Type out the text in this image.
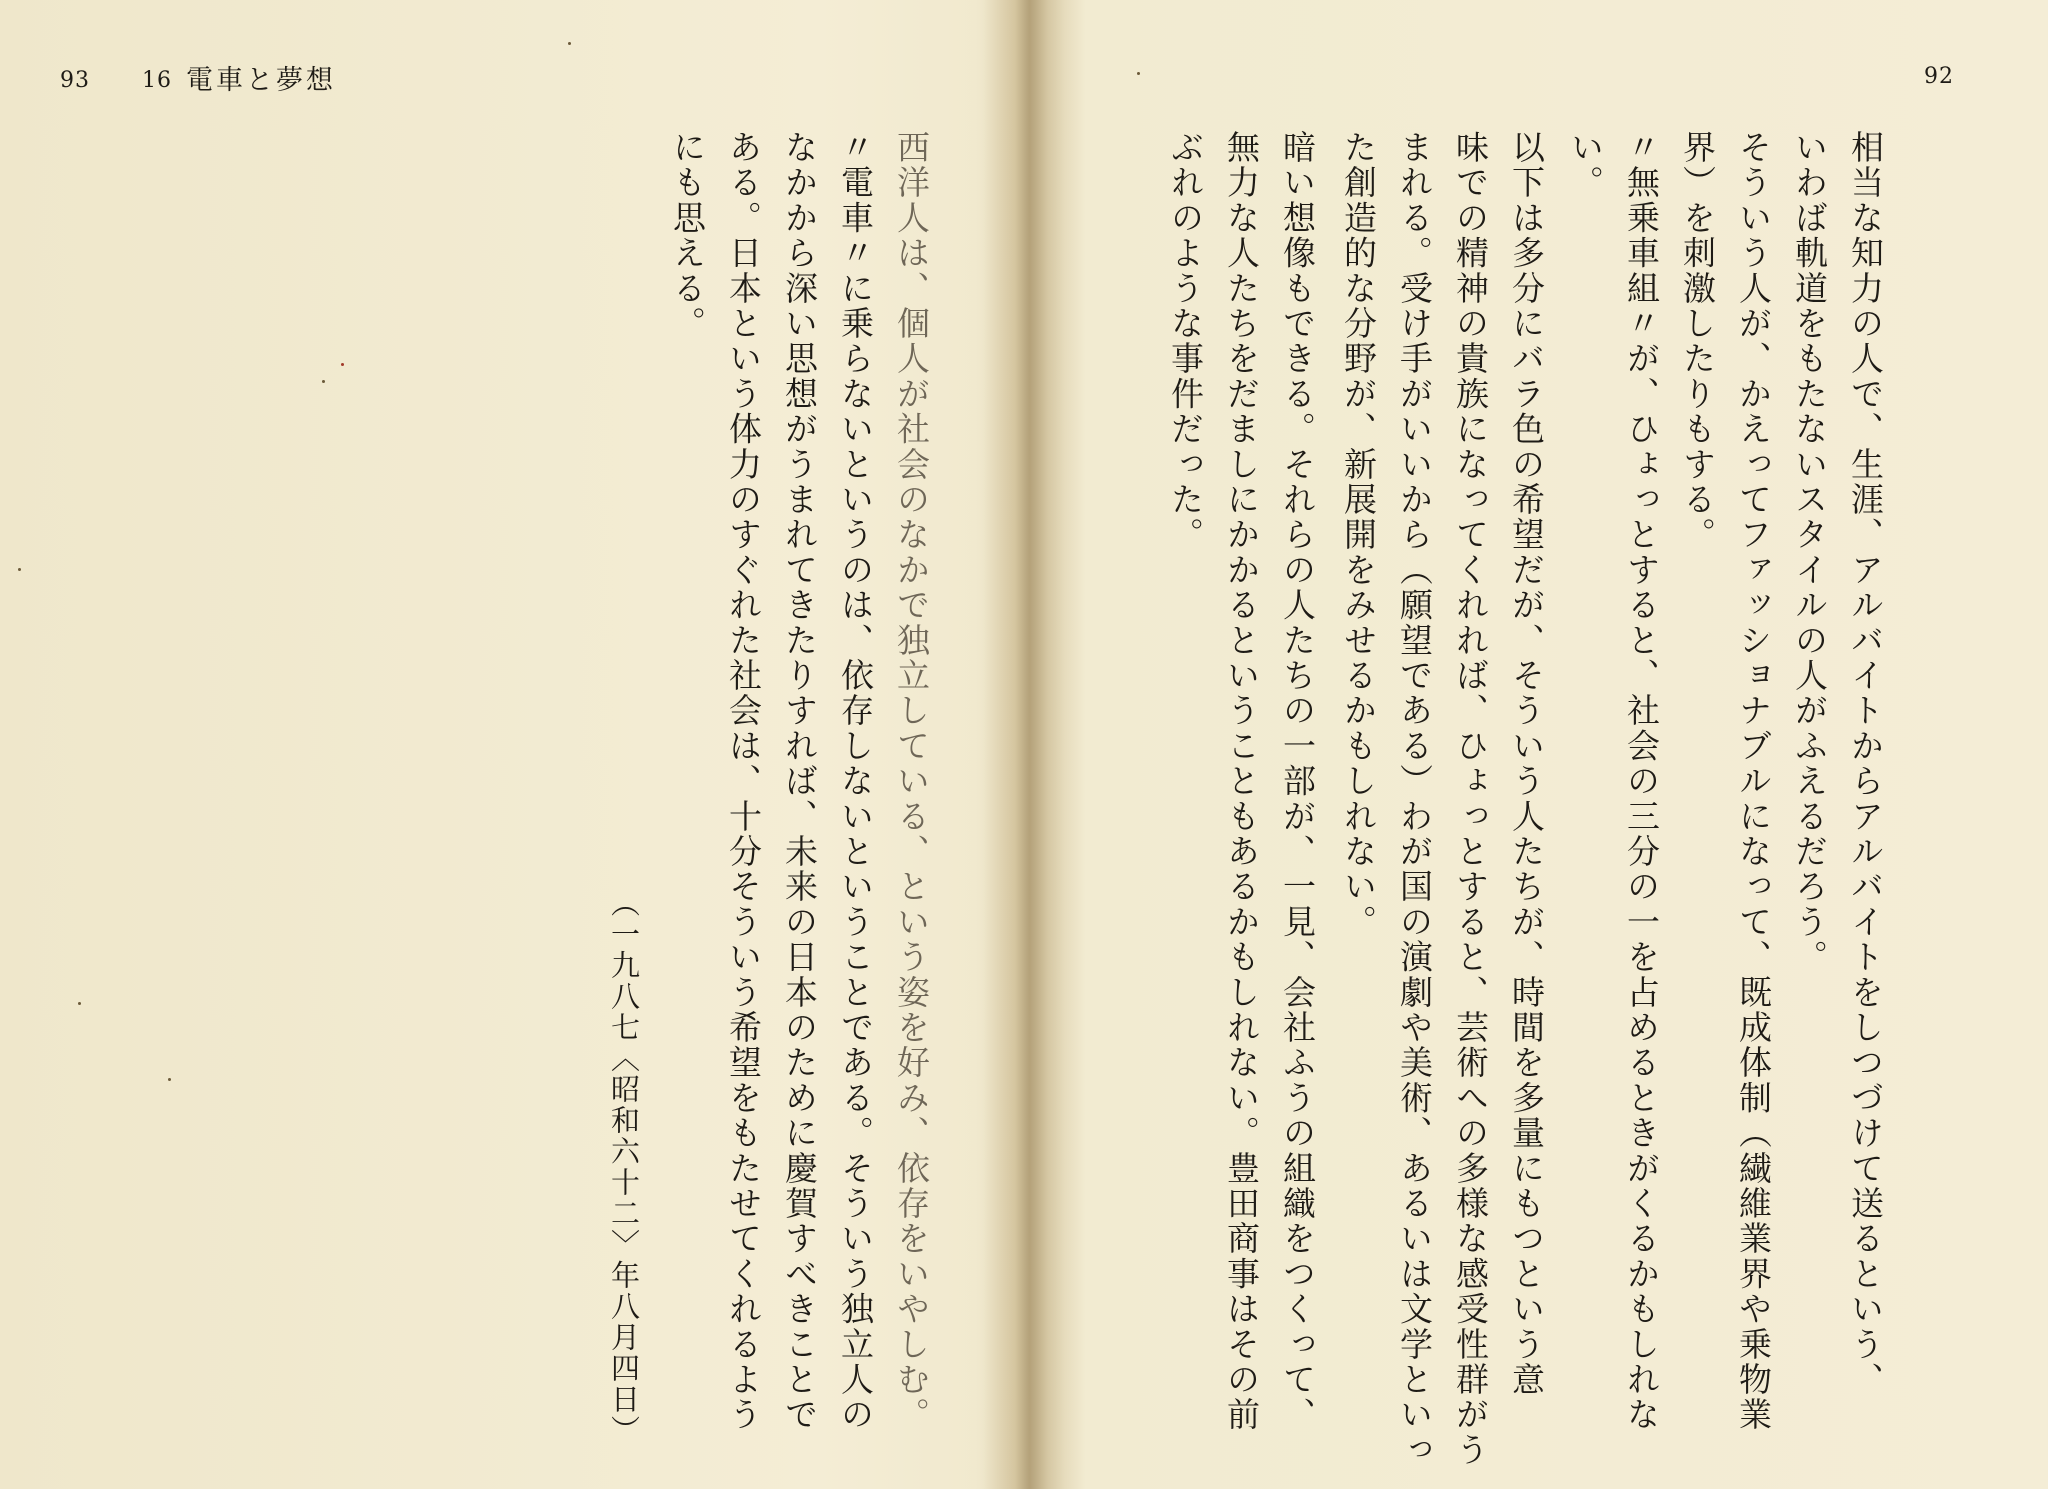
93 16 電車と夢想	92
相当な知力の人で、生涯、アルバイトからアルバイトをしつづけて送るという、
いわば軌道をもたないスタイルの人がふえるだろう。
そういう人が、かえってファッショナブルになって、既成体制（繊維業界や乗物業
界）を刺激したりもする。
〃無乗車組〃が、ひょっとすると、社会の三分の一を占めるときがくるかもしれな
い。
以下は多分にバラ色の希望だが、そういう人たちが、時間を多量にもつという意
味での精神の貴族になってくれれば、ひょっとすると、芸術への多様な感受性群がう
まれる。受け手がいいから（願望である）わが国の演劇や美術、あるいは文学といっ
た創造的な分野が、新展開をみせるかもしれない。
暗い想像もできる。それらの人たちの一部が、一見、会社ふうの組織をつくって、
無力な人たちをだましにかかるということもあるかもしれない。豊田商事はその前
ぶれのような事件だった。
西洋人は、個人が社会のなかで独立している、という姿を好み、依存をいやしむ。
〃電車〃に乗らないというのは、依存しないということである。そういう独立人の
なかから深い思想がうまれてきたりすれば、未来の日本のために慶賀すべきことで
ある。日本という体力のすぐれた社会は、十分そういう希望をもたせてくれるよう
にも思える。
（一九八七〈昭和六十二〉年八月四日）
